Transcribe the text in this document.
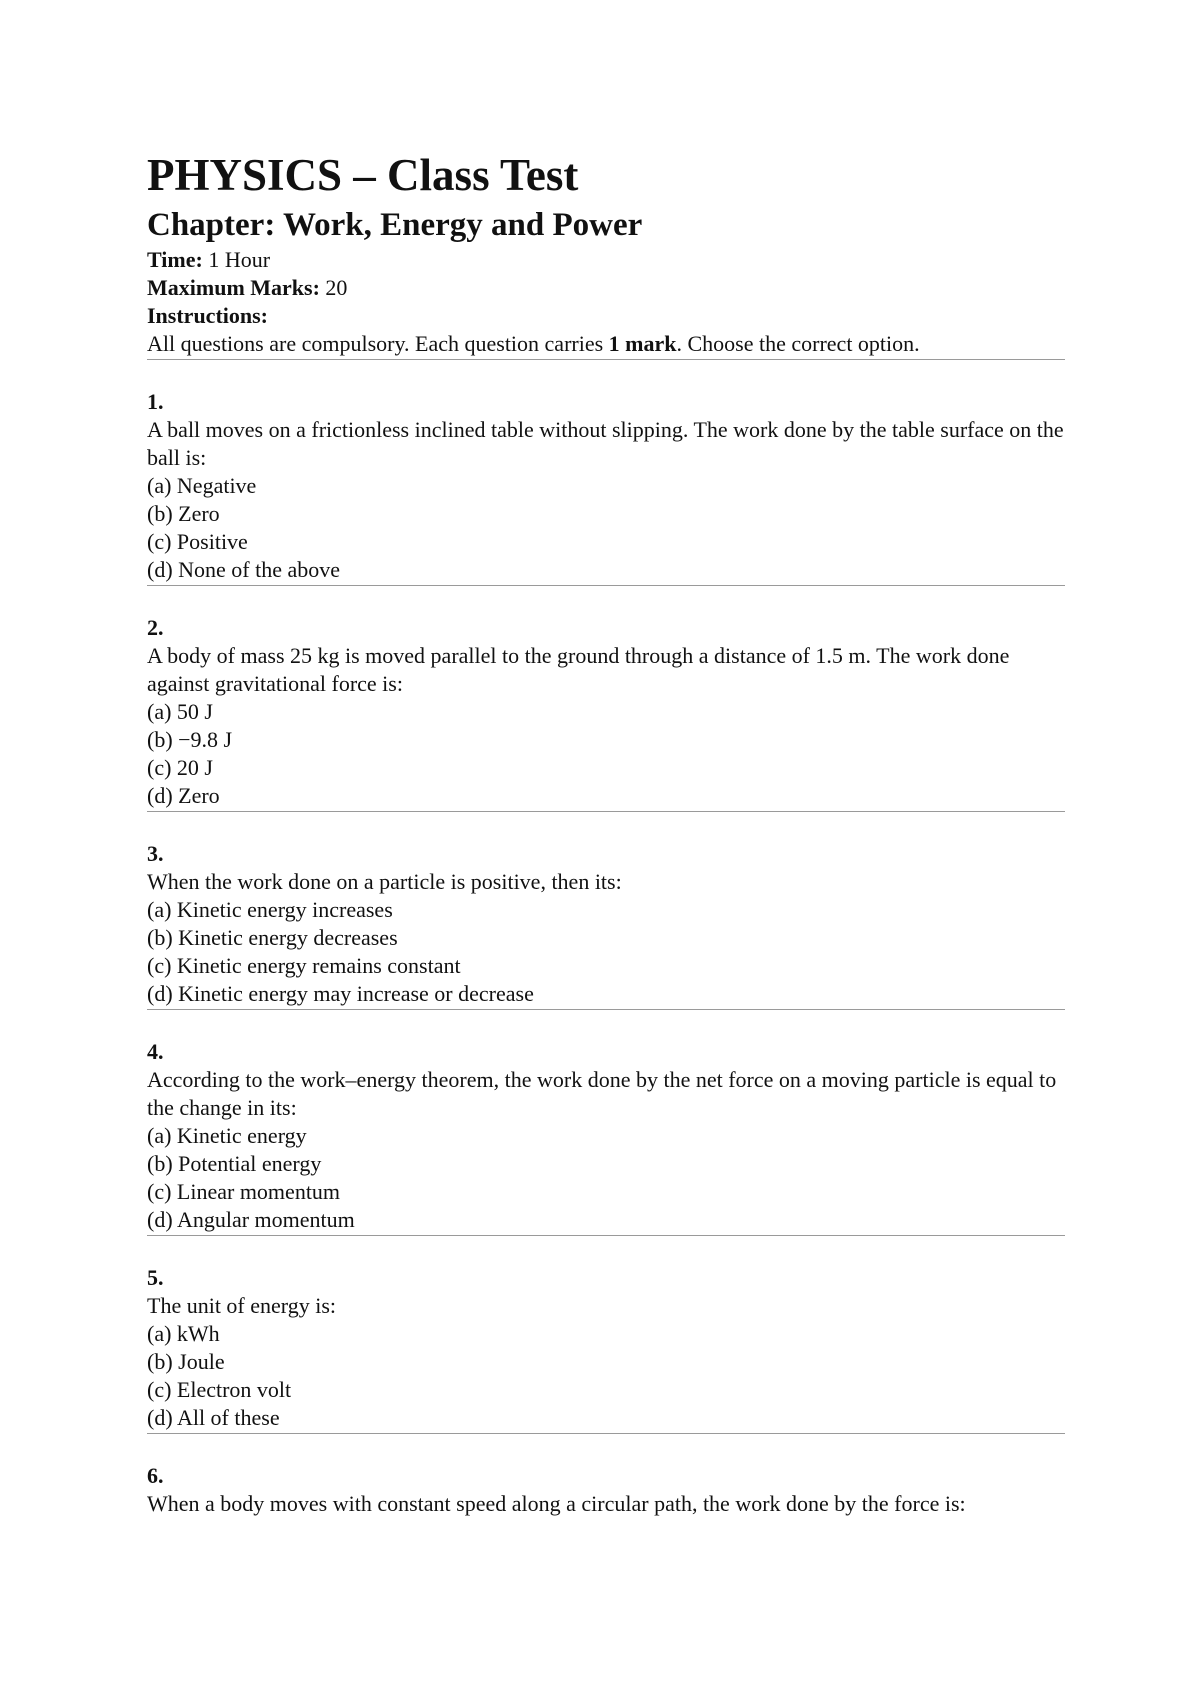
PHYSICS – Class Test
Chapter: Work, Energy and Power
Time: 1 Hour
Maximum Marks: 20
Instructions:
All questions are compulsory. Each question carries 1 mark. Choose the correct option.
1.
A ball moves on a frictionless inclined table without slipping. The work done by the table surface on the ball is:
(a) Negative
(b) Zero
(c) Positive
(d) None of the above
2.
A body of mass 25 kg is moved parallel to the ground through a distance of 1.5 m. The work done against gravitational force is:
(a) 50 J
(b) −9.8 J
(c) 20 J
(d) Zero
3.
When the work done on a particle is positive, then its:
(a) Kinetic energy increases
(b) Kinetic energy decreases
(c) Kinetic energy remains constant
(d) Kinetic energy may increase or decrease
4.
According to the work–energy theorem, the work done by the net force on a moving particle is equal to the change in its:
(a) Kinetic energy
(b) Potential energy
(c) Linear momentum
(d) Angular momentum
5.
The unit of energy is:
(a) kWh
(b) Joule
(c) Electron volt
(d) All of these
6.
When a body moves with constant speed along a circular path, the work done by the force is:
